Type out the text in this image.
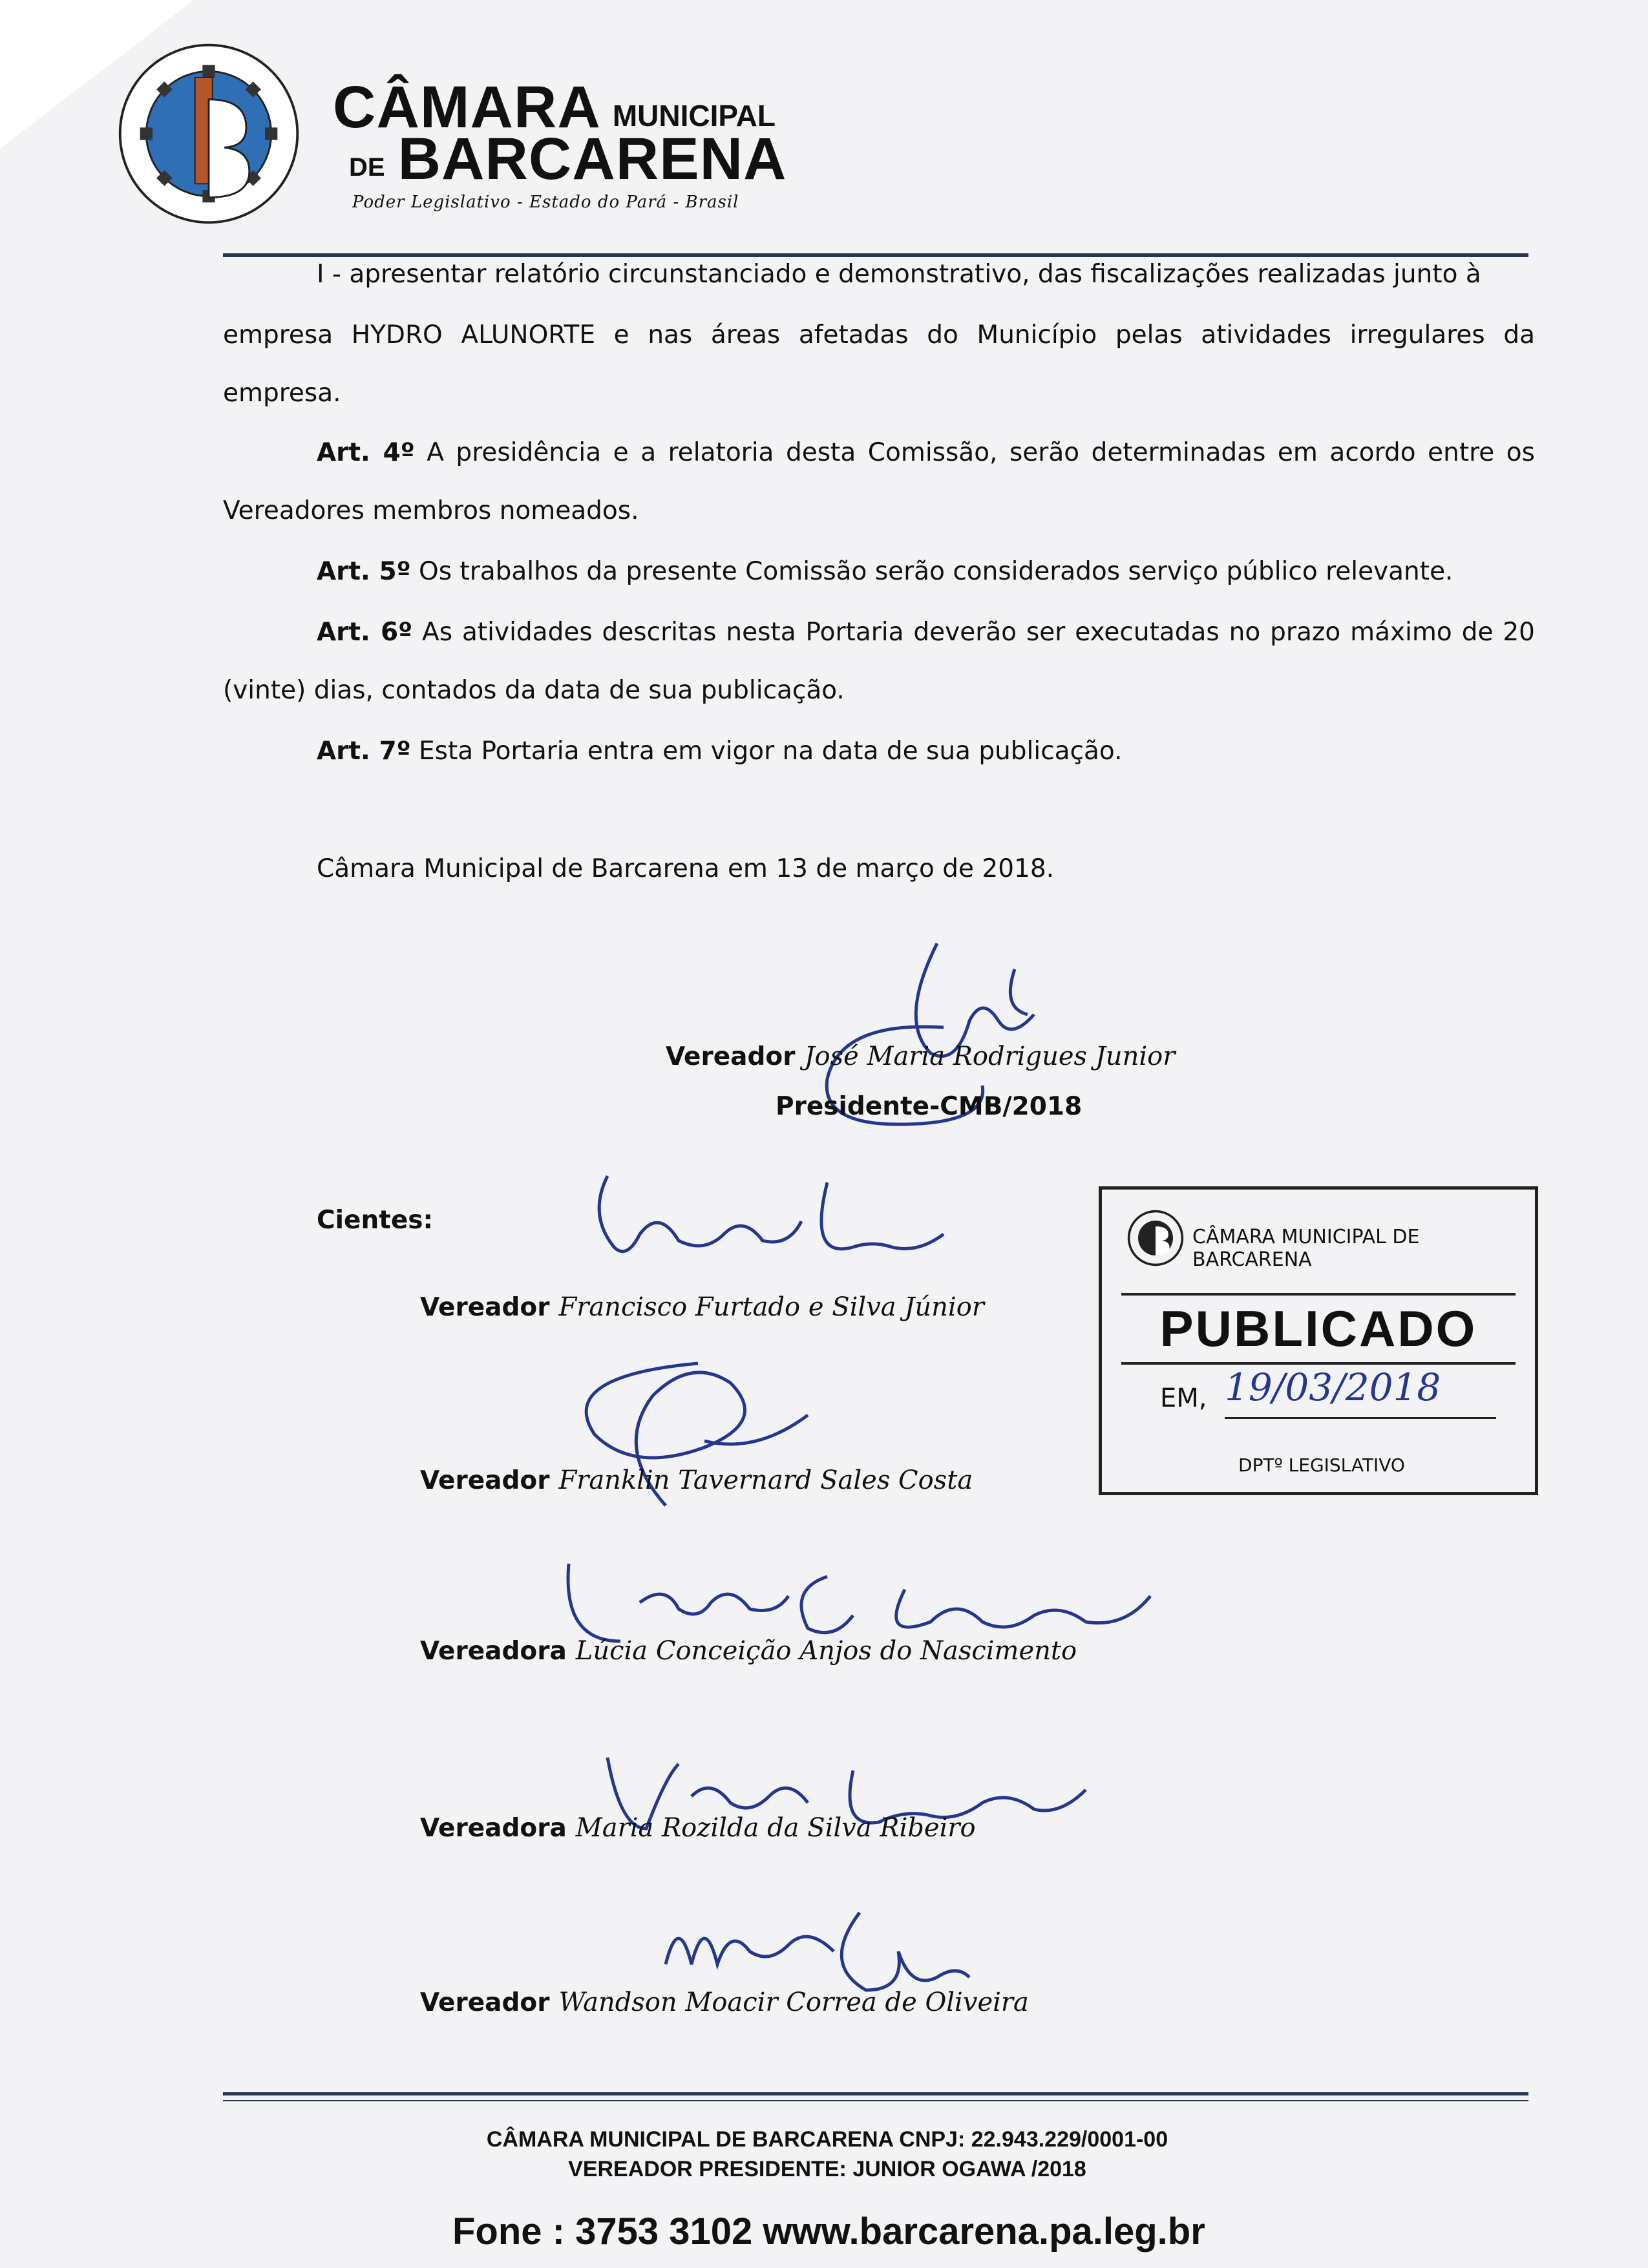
CÂMARA MUNICIPAL
DE BARCARENA
Poder Legislativo - Estado do Pará - Brasil
I - apresentar relatório circunstanciado e demonstrativo, das fiscalizações realizadas junto à
empresa HYDRO ALUNORTE e nas áreas afetadas do Município pelas atividades irregulares da
empresa.
Art. 4º A presidência e a relatoria desta Comissão, serão determinadas em acordo entre os
Vereadores membros nomeados.
Art. 5º Os trabalhos da presente Comissão serão considerados serviço público relevante.
Art. 6º As atividades descritas nesta Portaria deverão ser executadas no prazo máximo de 20
(vinte) dias, contados da data de sua publicação.
Art. 7º Esta Portaria entra em vigor na data de sua publicação.
Câmara Municipal de Barcarena em 13 de março de 2018.
Vereador José Maria Rodrigues Junior
Presidente-CMB/2018
Cientes:
Vereador Francisco Furtado e Silva Júnior
Vereador Franklin Tavernard Sales Costa
Vereadora Lúcia Conceição Anjos do Nascimento
Vereadora Maria Rozilda da Silva Ribeiro
Vereador Wandson Moacir Correa de Oliveira
CÂMARA MUNICIPAL DE BARCARENA
PUBLICADO
EM, 19/03/2018
DPTº LEGISLATIVO
CÂMARA MUNICIPAL DE BARCARENA CNPJ: 22.943.229/0001-00
VEREADOR PRESIDENTE: JUNIOR OGAWA /2018
Fone : 3753 3102 www.barcarena.pa.leg.br
